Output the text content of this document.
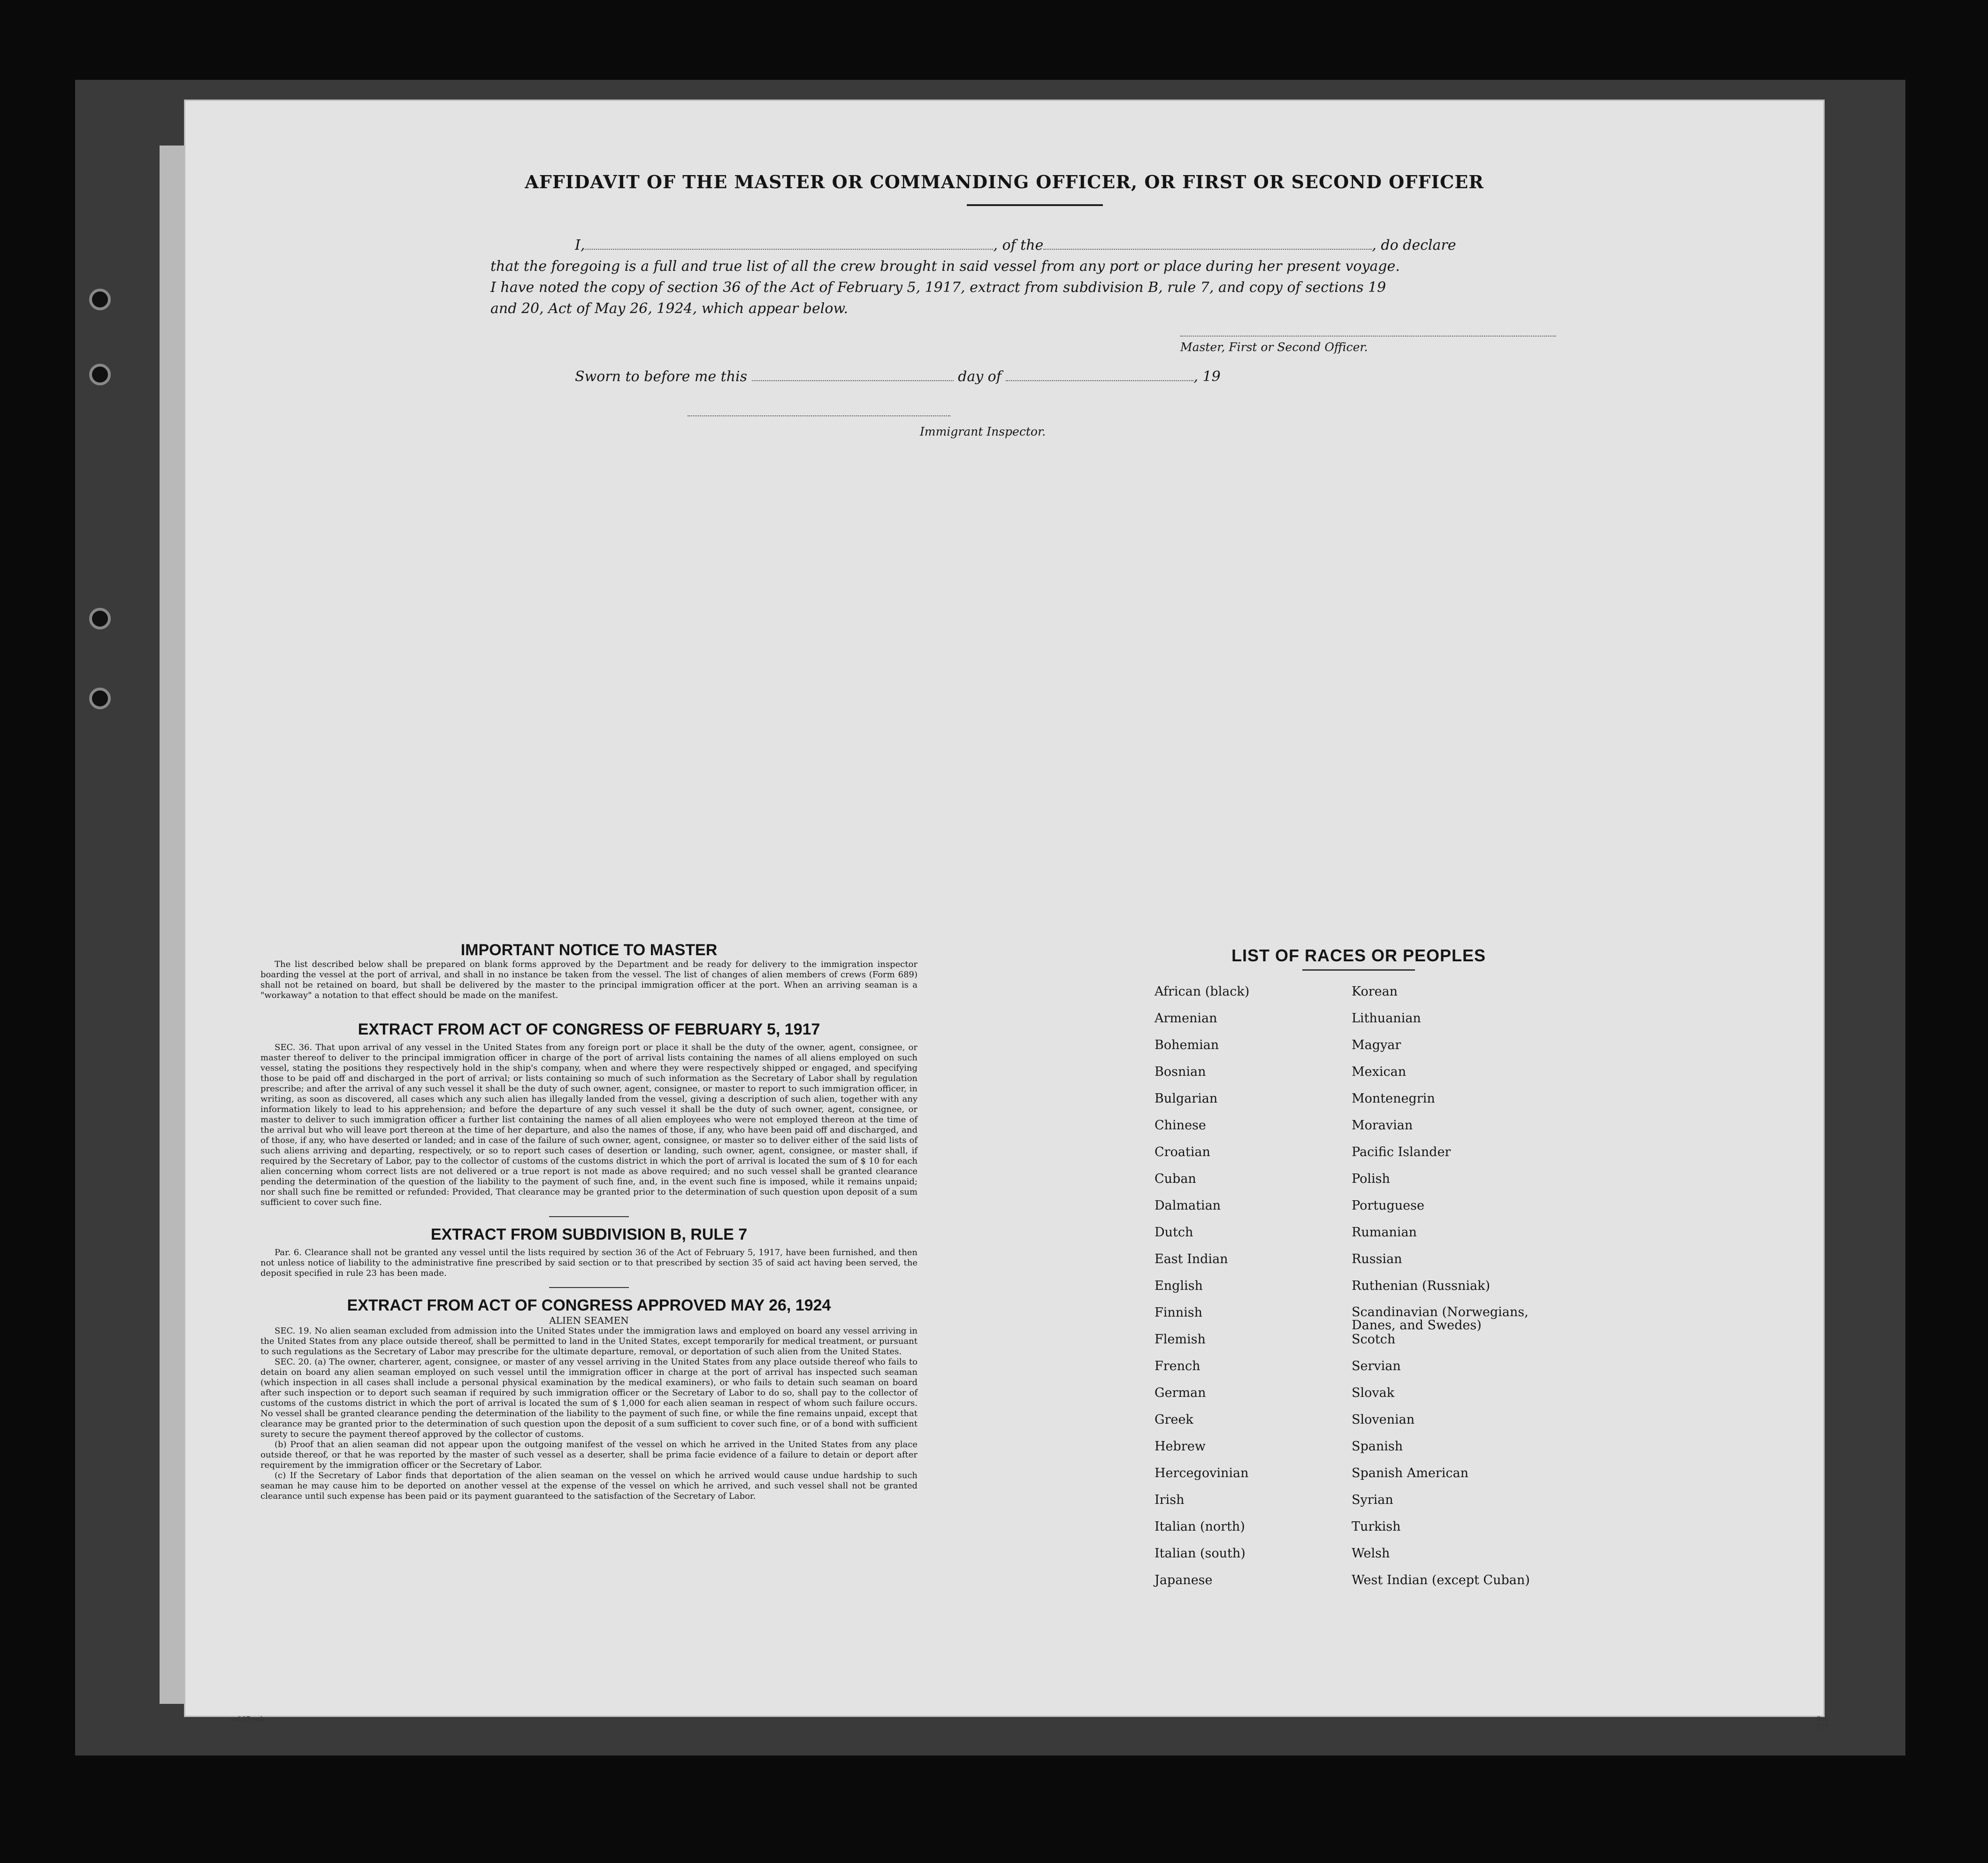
AFFIDAVIT OF THE MASTER OR COMMANDING OFFICER, OR FIRST OR SECOND OFFICER
I,	, of the	, do declare
that the foregoing is a full and true list of all the crew brought in said vessel from any port or place during her present voyage.
I have noted the copy of section 36 of the Act of February 5, 1917, extract from subdivision B, rule 7, and copy of sections 19
and 20, Act of May 26, 1924, which appear below.
Master, First or Second Officer.
Sworn to before me this	day of	, 19
Immigrant Inspector.
IMPORTANT NOTICE TO MASTER

The list described below shall be prepared on blank forms approved by the Department and be ready for delivery to the immigration inspector boarding the vessel at the port of arrival, and shall in no instance be taken from the vessel. The list of changes of alien members of crews (Form 689) shall not be retained on board, but shall be delivered by the master to the principal immigration officer at the port. When an arriving seaman is a "workaway" a notation to that effect should be made on the manifest.

EXTRACT FROM ACT OF CONGRESS OF FEBRUARY 5, 1917

SEC. 36. That upon arrival of any vessel in the United States from any foreign port or place it shall be the duty of the owner, agent, consignee, or master thereof to deliver to the principal immigration officer in charge of the port of arrival lists containing the names of all aliens employed on such vessel, stating the positions they respectively hold in the ship's company, when and where they were respectively shipped or engaged, and specifying those to be paid off and discharged in the port of arrival; or lists containing so much of such information as the Secretary of Labor shall by regulation prescribe; and after the arrival of any such vessel it shall be the duty of such owner, agent, consignee, or master to report to such immigration officer, in writing, as soon as discovered, all cases which any such alien has illegally landed from the vessel, giving a description of such alien, together with any information likely to lead to his apprehension; and before the departure of any such vessel it shall be the duty of such owner, agent, consignee, or master to deliver to such immigration officer a further list containing the names of all alien employees who were not employed thereon at the time of the arrival but who will leave port thereon at the time of her departure, and also the names of those, if any, who have been paid off and discharged, and of those, if any, who have deserted or landed; and in case of the failure of such owner, agent, consignee, or master so to deliver either of the said lists of such aliens arriving and departing, respectively, or so to report such cases of desertion or landing, such owner, agent, consignee, or master shall, if required by the Secretary of Labor, pay to the collector of customs of the customs district in which the port of arrival is located the sum of $ 10 for each alien concerning whom correct lists are not delivered or a true report is not made as above required; and no such vessel shall be granted clearance pending the determination of the question of the liability to the payment of such fine, and, in the event such fine is imposed, while it remains unpaid; nor shall such fine be remitted or refunded: Provided, That clearance may be granted prior to the determination of such question upon deposit of a sum sufficient to cover such fine.

EXTRACT FROM SUBDIVISION B, RULE 7

Par. 6. Clearance shall not be granted any vessel until the lists required by section 36 of the Act of February 5, 1917, have been furnished, and then not unless notice of liability to the administrative fine prescribed by said section or to that prescribed by section 35 of said act having been served, the deposit specified in rule 23 has been made.

EXTRACT FROM ACT OF CONGRESS APPROVED MAY 26, 1924

ALIEN SEAMEN

SEC. 19. No alien seaman excluded from admission into the United States under the immigration laws and employed on board any vessel arriving in the United States from any place outside thereof, shall be permitted to land in the United States, except temporarily for medical treatment, or pursuant to such regulations as the Secretary of Labor may prescribe for the ultimate departure, removal, or deportation of such alien from the United States.

SEC. 20. (a) The owner, charterer, agent, consignee, or master of any vessel arriving in the United States from any place outside thereof who fails to detain on board any alien seaman employed on such vessel until the immigration officer in charge at the port of arrival has inspected such seaman (which inspection in all cases shall include a personal physical examination by the medical examiners), or who fails to detain such seaman on board after such inspection or to deport such seaman if required by such immigration officer or the Secretary of Labor to do so, shall pay to the collector of customs of the customs district in which the port of arrival is located the sum of $ 1,000 for each alien seaman in respect of whom such failure occurs. No vessel shall be granted clearance pending the determination of the liability to the payment of such fine, or while the fine remains unpaid, except that clearance may be granted prior to the determination of such question upon the deposit of a sum sufficient to cover such fine, or of a bond with sufficient surety to secure the payment thereof approved by the collector of customs.

(b) Proof that an alien seaman did not appear upon the outgoing manifest of the vessel on which he arrived in the United States from any place outside thereof, or that he was reported by the master of such vessel as a deserter, shall be prima facie evidence of a failure to detain or deport after requirement by the immigration officer or the Secretary of Labor.

(c) If the Secretary of Labor finds that deportation of the alien seaman on the vessel on which he arrived would cause undue hardship to such seaman he may cause him to be deported on another vessel at the expense of the vessel on which he arrived, and such vessel shall not be granted clearance until such expense has been paid or its payment guaranteed to the satisfaction of the Secretary of Labor.

LIST OF RACES OR PEOPLES
African (black)	Korean
Armenian	Lithuanian
Bohemian	Magyar
Bosnian	Mexican
Bulgarian	Montenegrin
Chinese	Moravian
Croatian	Pacific Islander
Cuban	Polish
Dalmatian	Portuguese
Dutch	Rumanian
East Indian	Russian
English	Ruthenian (Russniak)
Finnish	Scandinavian (Norwegians, Danes, and Swedes)
Flemish	Scotch
French	Servian
German	Slovak
Greek	Slovenian
Hebrew	Spanish
Hercegovinian	Spanish American
Irish	Syrian
Italian (north)	Turkish
Italian (south)	Welsh
Japanese	West Indian (except Cuban)
caf 37 vnb.	Sch. 571
